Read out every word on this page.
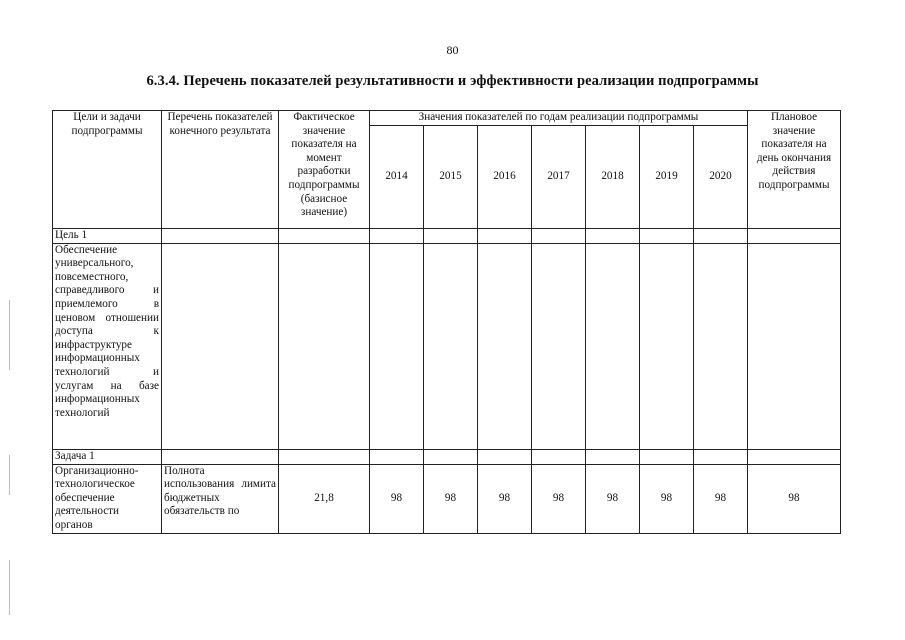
80
6.3.4. Перечень показателей результативности и эффективности реализации подпрограммы
Цели и задачи подпрограммы	Перечень показателей конечного результата	Фактическое значение показателя на момент разработки подпрограммы (базисное значение)	Значения показателей по годам реализации подпрограммы							Плановое значение показателя на день окончания действия подпрограммы
			2014	2015	2016	2017	2018	2019	2020	
Цель 1										
Обеспечение универсального, повсеместного, справедливого и приемлемого в ценовом отношении доступа к инфраструктуре информационных технологий и услугам на базе информационных технологий										
Задача 1										
Организационно-технологическое обеспечение деятельности органов	Полнота использования лимита бюджетных обязательств по	21,8	98	98	98	98	98	98	98	98
